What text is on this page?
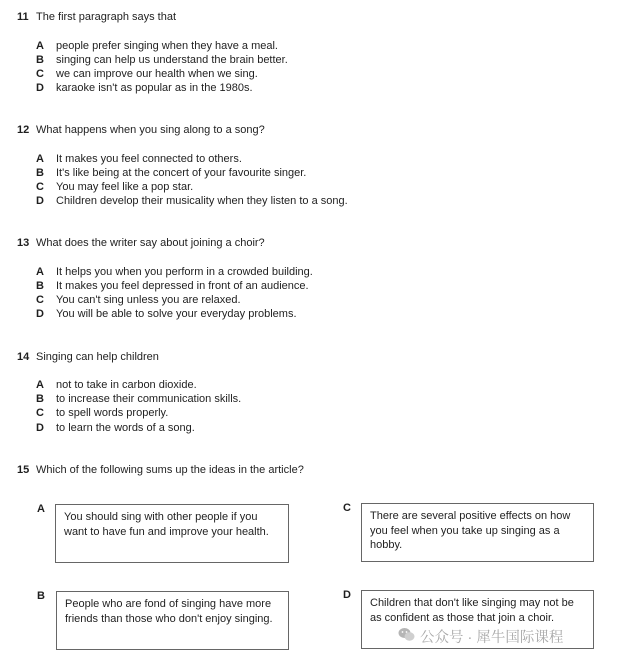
11 The first paragraph says that
A people prefer singing when they have a meal.
B singing can help us understand the brain better.
C we can improve our health when we sing.
D karaoke isn't as popular as in the 1980s.
12 What happens when you sing along to a song?
A It makes you feel connected to others.
B It's like being at the concert of your favourite singer.
C You may feel like a pop star.
D Children develop their musicality when they listen to a song.
13 What does the writer say about joining a choir?
A It helps you when you perform in a crowded building.
B It makes you feel depressed in front of an audience.
C You can't sing unless you are relaxed.
D You will be able to solve your everyday problems.
14 Singing can help children
A not to take in carbon dioxide.
B to increase their communication skills.
C to spell words properly.
D to learn the words of a song.
15 Which of the following sums up the ideas in the article?
A
You should sing with other people if you want to have fun and improve your health.
C
There are several positive effects on how you feel when you take up singing as a hobby.
B
People who are fond of singing have more friends than those who don't enjoy singing.
D
Children that don't like singing may not be as confident as those that join a choir.
公众号 · 犀牛国际课程
